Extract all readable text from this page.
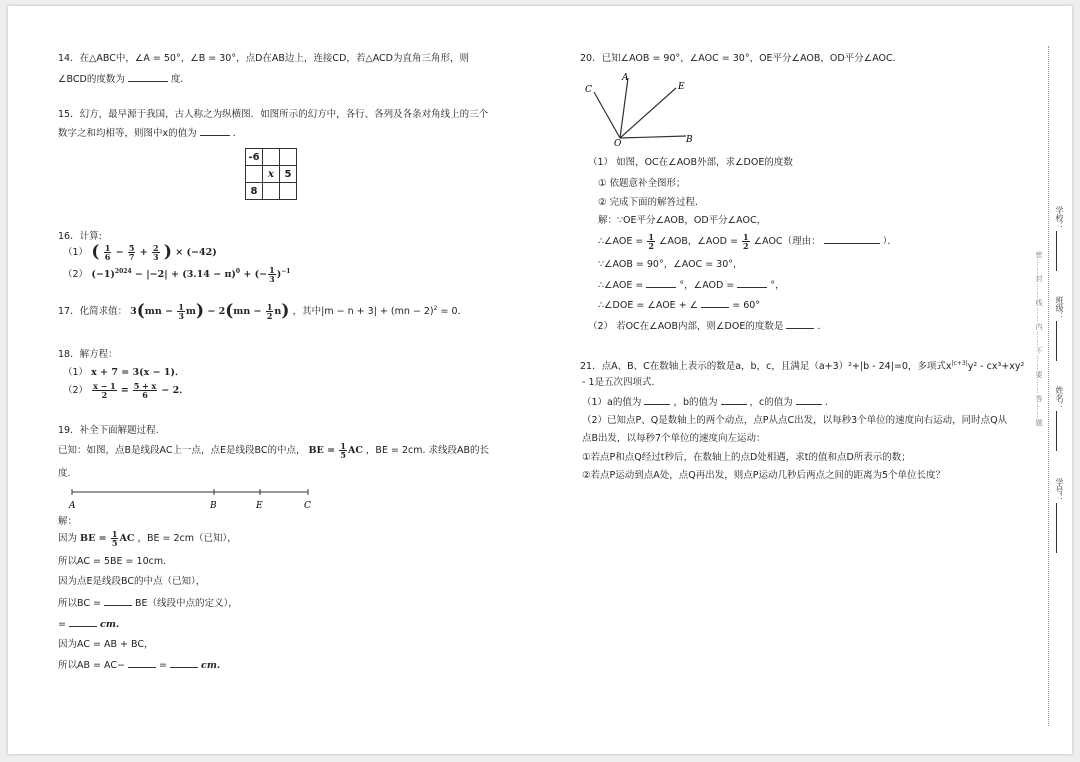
14．在△ABC中，∠A = 50°，∠B = 30°，点D在AB边上，连接CD，若△ACD为直角三角形，则
∠BCD的度数为	度.
15．幻方，最早源于我国，古人称之为纵横图．如图所示的幻方中，各行、各列及各条对角线上的三个
数字之和均相等，则图中x的值为	．
-6		
	x	5
8		
16．计算:
（1） ( $\frac{1}{6} - \frac{5}{7} + \frac{2}{3}$ ) × (−42)
（2） $(-1)^{2024} - |-2| + (3.14 - \pi)^0$ + (− $\frac{1}{3} )^{-1}$
17．化简求值： $3(mn - \frac{1}{3} m) - 2(mn - \frac{1}{2} n)$ ，其中|m − n + 3| + (mn − 2)$^2$ = 0．
18．解方程：
（1） x + 7 = 3(x − 1)．
$(2) \frac{x - 1}{2} = \frac{5 + x}{6} - 2$．
19．补全下面解题过程.
已知：如图，点B是线段AC上一点，点E是线段BC的中点， BE = $\frac{1}{5}$ AC ，BE = 2cm. 求线段AB的长
度.
A	B	E	C
解：
因为 BE = $\frac{1}{5}$ AC ，BE = 2cm（已知），
所以AC = 5BE = 10cm.
因为点E是线段BC的中点（已知），
所以BC =	BE（线段中点的定义），
=	cm.
因为AC = AB + BC，
所以AB = AC−	=	cm.
20．已知∠AOB = 90°，∠AOC = 30°，OE平分∠AOB，OD平分∠AOC．
C
A
E
O	B
（1） 如图，OC在∠AOB外部，求∠DOE的度数
① 依题意补全图形；
② 完成下面的解答过程．
解：∵OE平分∠AOB，OD平分∠AOC，
∴∠AOE = $\frac{1}{2}$ ∠AOB，∠AOD = $\frac{1}{2}$ ∠AOC（理由：	）．
∵∠AOB = 90°，∠AOC = 30°，
∴∠AOE =	°，∠AOD =	°，
∴∠DOE = ∠AOE + ∠	= 60°
（2） 若OC在∠AOB内部，则∠DOE的度数是	．
21．点A、B、C在数轴上表示的数是a，b，c，且满足（a+3）²+|b - 24|=0，多项式$x^{|c+3|}y^2 - cx^3+xy^2$
- 1是五次四项式．
（1）a的值为	，b的值为	，c的值为	．
（2）已知点P、Q是数轴上的两个动点，点P从点C出发，以每秒3个单位的速度向右运动，同时点Q从
点B出发，以每秒7个单位的速度向左运动：
①若点P和点Q经过t秒后，在数轴上的点D处相遇，求t的值和点D所表示的数；
②若点P运动到点A处，点Q再出发，则点P运动几秒后两点之间的距离为5个单位长度？
密……封……线……内……不……要……答……题
学校：
班级：
姓名：
学号：
